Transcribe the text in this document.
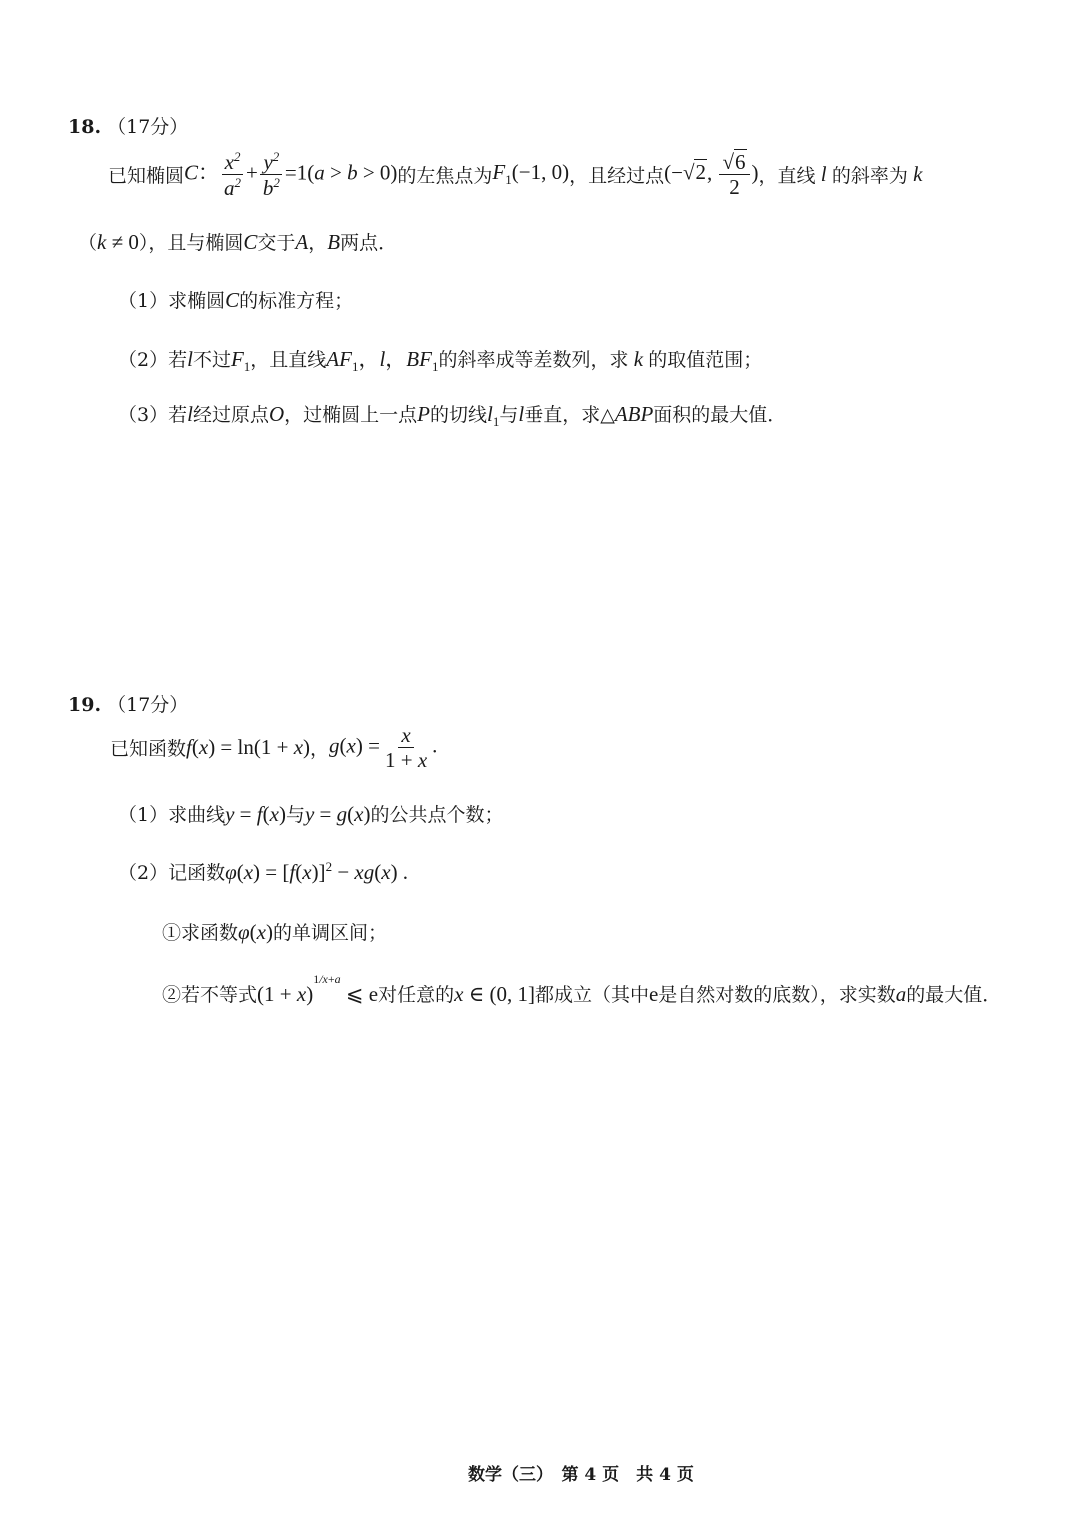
18. （17分）
已知椭圆 C： $\frac{x^2}{a^2} + \frac{y^2}{b^2} =1(a > b > 0)$ 的左焦点为 $F_1(-1$, 0) ，且经过点 (−√2, $\frac{√6}{2}$ ) ，直线 l 的斜率为 k
（k ≠ 0），且与椭圆C交于A，B两点．
（1）求椭圆C的标准方程；
（2）若l不过$F_1$，且直线$AF_1$，l，$BF_1$的斜率成等差数列，求 k 的取值范围；
（3）若l经过原点O，过椭圆上一点P的切线$l_1$与l垂直，求△ABP面积的最大值．
19. （17分）
已知函数 f(x) = ln(1 + x) ， $g(x) = \frac{x}{1 + x}$ .
（1）求曲线y = f(x)与y = g(x)的公共点个数；
（2）记函数$\varphi(x) = [f(x)]^2 - xg(x)$ .
①求函数φ(x)的单调区间；
②若不等式$(1 + x)^{1/x+a}$ ⩽ e对任意的x ∈ (0, 1]都成立（其中e是自然对数的底数），求实数a的最大值．
数学（三）　第 4 页　共 4 页
